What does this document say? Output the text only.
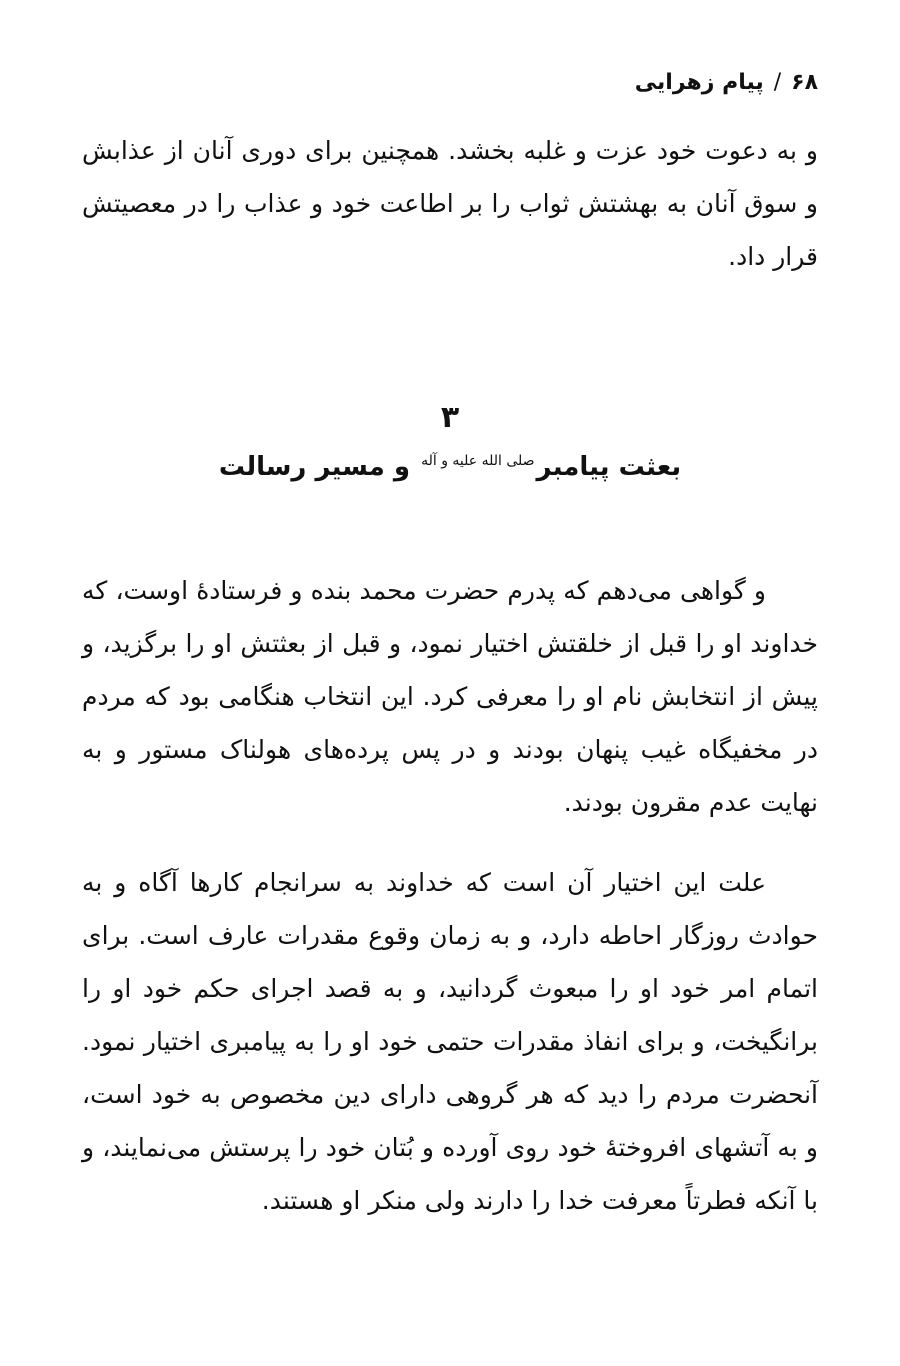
۶۸/پیام زهرایی

و به دعوت خود عزت و غلبه بخشد. همچنین برای دوری آنان از عذابش و سوق آنان به بهشتش ثواب را بر اطاعت خود و عذاب را در معصیتش قرار داد.

۳
بعثت پیامبر$^{صلی الله علیه و آله}$ و مسیر رسالت

و گواهی می‌دهم که پدرم حضرت محمد بنده و فرستادهٔ اوست، که خداوند او را قبل از خلقتش اختیار نمود، و قبل از بعثتش او را برگزید، و پیش از انتخابش نام او را معرفی کرد. این انتخاب هنگامی بود که مردم در مخفیگاه غیب پنهان بودند و در پس پرده‌های هولناک مستور و به نهایت عدم مقرون بودند.

علت این اختیار آن است که خداوند به سرانجام کارها آگاه و به حوادث روزگار احاطه دارد، و به زمان وقوع مقدرات عارف است. برای اتمام امر خود او را مبعوث گردانید، و به قصد اجرای حکم خود او را برانگیخت، و برای انفاذ مقدرات حتمی خود او را به پیامبری اختیار نمود. آنحضرت مردم را دید که هر گروهی دارای دین مخصوص به خود است، و به آتشهای افروختهٔ خود روی آورده و بُتان خود را پرستش می‌نمایند، و با آنکه فطرتاً معرفت خدا را دارند ولی منکر او هستند.
